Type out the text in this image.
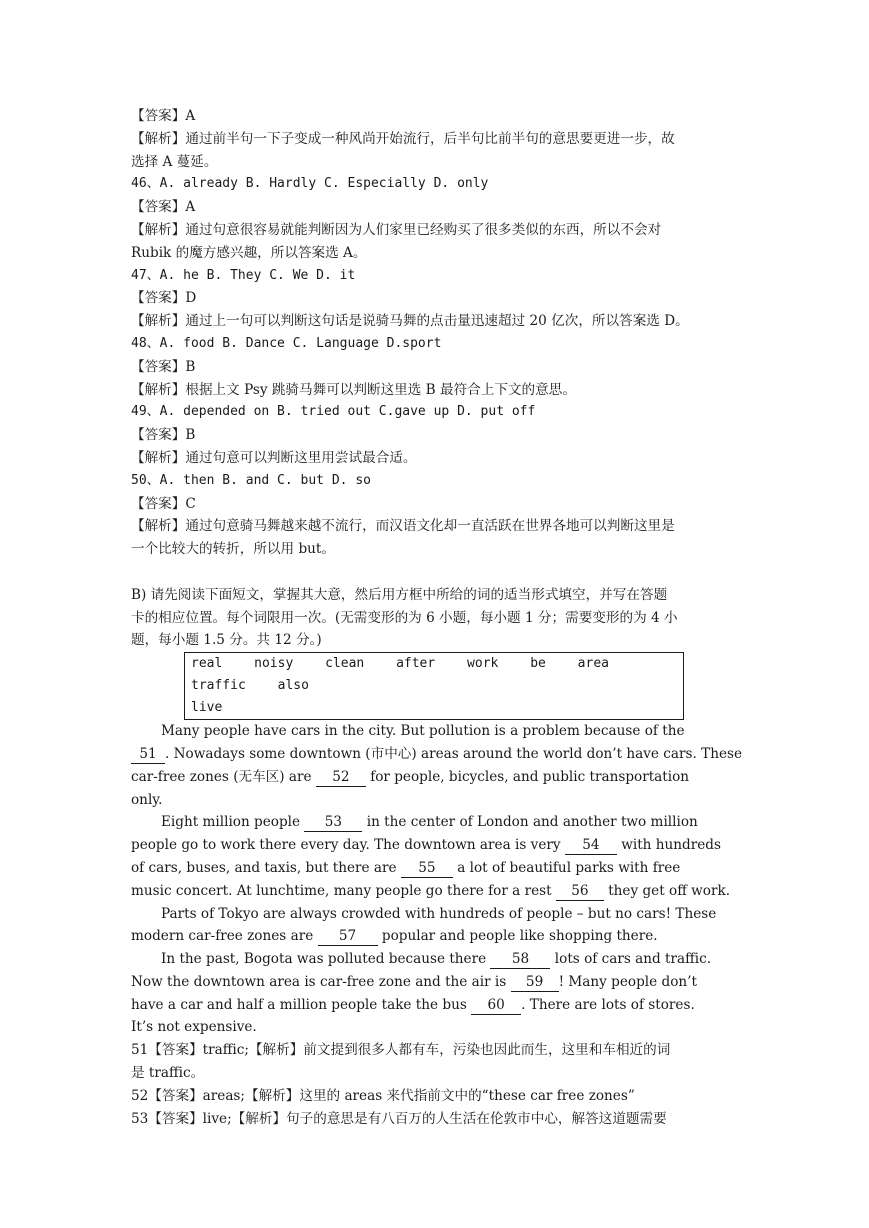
【答案】A
【解析】通过前半句一下子变成一种风尚开始流行，后半句比前半句的意思要更进一步，故
选择 A 蔓延。
46、A. already B. Hardly C. Especially D. only
【答案】A
【解析】通过句意很容易就能判断因为人们家里已经购买了很多类似的东西，所以不会对
Rubik 的魔方感兴趣，所以答案选 A。
47、A. he B. They C. We D. it
【答案】D
【解析】通过上一句可以判断这句话是说骑马舞的点击量迅速超过 20 亿次，所以答案选 D。
48、A. food B. Dance C. Language D.sport
【答案】B
【解析】根据上文 Psy 跳骑马舞可以判断这里选 B 最符合上下文的意思。
49、A. depended on B. tried out C.gave up D. put off
【答案】B
【解析】通过句意可以判断这里用尝试最合适。
50、A. then B. and C. but D. so
【答案】C
【解析】通过句意骑马舞越来越不流行，而汉语文化却一直活跃在世界各地可以判断这里是
一个比较大的转折，所以用 but。
B) 请先阅读下面短文，掌握其大意，然后用方框中所给的词的适当形式填空，并写在答题
卡的相应位置。每个词限用一次。(无需变形的为 6 小题，每小题 1 分；需要变形的为 4 小
题，每小题 1.5 分。共 12 分。)
real noisy clean after work be area traffic also
live
Many people have cars in the city. But pollution is a problem because of the
51 . Nowadays some downtown (市中心) areas around the world don’t have cars. These
car-free zones (无车区) are 52 for people, bicycles, and public transportation
only.
Eight million people 53 in the center of London and another two million
people go to work there every day. The downtown area is very 54 with hundreds
of cars, buses, and taxis, but there are 55 a lot of beautiful parks with free
music concert. At lunchtime, many people go there for a rest 56 they get off work.
Parts of Tokyo are always crowded with hundreds of people – but no cars! These
modern car-free zones are 57 popular and people like shopping there.
In the past, Bogota was polluted because there 58 lots of cars and traffic.
Now the downtown area is car-free zone and the air is 59 ! Many people don’t
have a car and half a million people take the bus 60 . There are lots of stores.
It’s not expensive.
51【答案】traffic;【解析】前文提到很多人都有车，污染也因此而生，这里和车相近的词
是 traffic。
52【答案】areas;【解析】这里的 areas 来代指前文中的“these car free zones”
53【答案】live;【解析】句子的意思是有八百万的人生活在伦敦市中心，解答这道题需要
